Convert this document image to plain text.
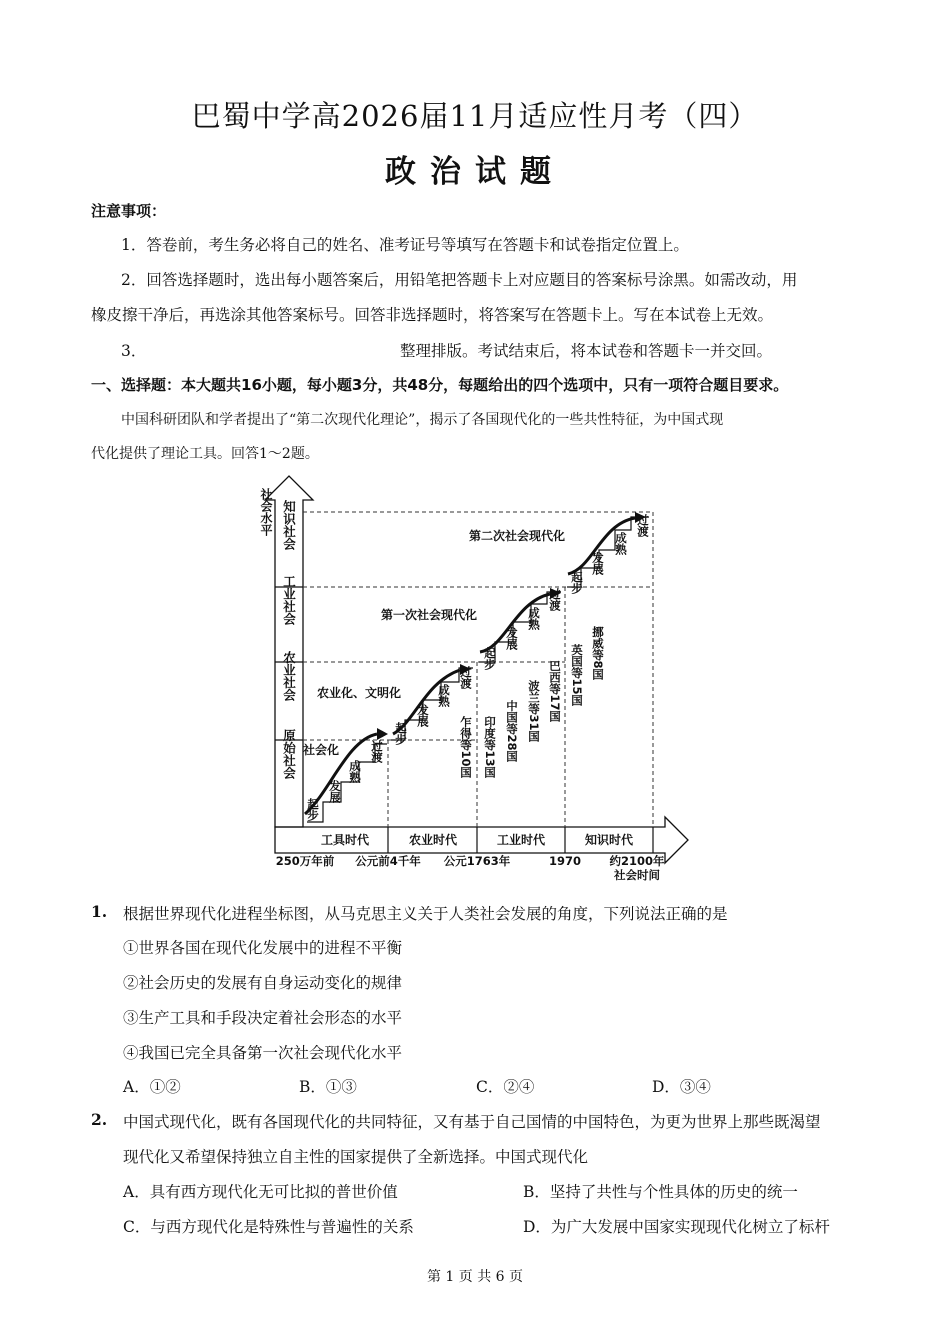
巴蜀中学高2026届11月适应性月考（四）
政治试题
注意事项：
1．答卷前，考生务必将自己的姓名、准考证号等填写在答题卡和试卷指定位置上。
2．回答选择题时，选出每小题答案后，用铅笔把答题卡上对应题目的答案标号涂黑。如需改动，用
橡皮擦干净后，再选涂其他答案标号。回答非选择题时，将答案写在答题卡上。写在本试卷上无效。
3．	整理排版。考试结束后，将本试卷和答题卡一并交回。
一、选择题：本大题共16小题，每小题3分，共48分，每题给出的四个选项中，只有一项符合题目要求。
中国科研团队和学者提出了“第二次现代化理论”，揭示了各国现代化的一些共性特征，为中国式现
代化提供了理论工具。回答1～2题。
社会水平 知识社会
工业社会
农业社会
原始社会
工具时代	农业时代	工业时代	知识时代
250万年前 公元前4千年 公元1763年	1970 约2100年
社会时间
社会化
农业化、文明化
第一次社会现代化
第二次社会现代化
起步
发展
成熟
过渡
起步
发展
成熟
过渡
起步
发展
成熟
过渡
起步
发展
成熟
过渡
乍得等10国 印度等13国 中国等28国 波兰等31国 巴西等17国 英国等15国 挪威等8国
1. 根据世界现代化进程坐标图，从马克思主义关于人类社会发展的角度，下列说法正确的是
①世界各国在现代化发展中的进程不平衡
②社会历史的发展有自身运动变化的规律
③生产工具和手段决定着社会形态的水平
④我国已完全具备第一次社会现代化水平
A．①②	B．①③	C．②④	D．③④
2. 中国式现代化，既有各国现代化的共同特征，又有基于自己国情的中国特色，为更为世界上那些既渴望
现代化又希望保持独立自主性的国家提供了全新选择。中国式现代化
A．具有西方现代化无可比拟的普世价值	B．坚持了共性与个性具体的历史的统一
C．与西方现代化是特殊性与普遍性的关系	D．为广大发展中国家实现现代化树立了标杆
第 1 页 共 6 页
